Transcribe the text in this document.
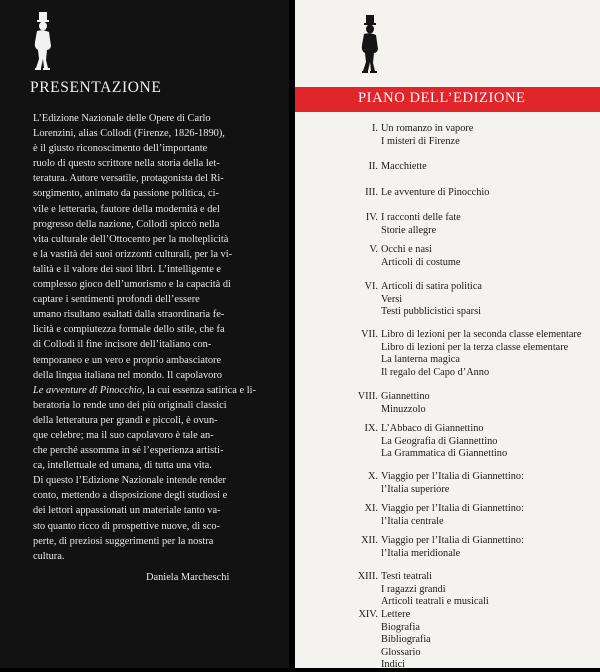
PRESENTAZIONE
L’Edizione Nazionale delle Opere di Carlo
Lorenzini, alias Collodi (Firenze, 1826-1890),
è il giusto riconoscimento dell’importante
ruolo di questo scrittore nella storia della let-
teratura. Autore versatile, protagonista del Ri-
sorgimento, animato da passione politica, ci-
vile e letteraria, fautore della modernità e del
progresso della nazione, Collodi spiccò nella
vita culturale dell’Ottocento per la molteplicità
e la vastità dei suoi orizzonti culturali, per la vi-
talità e il valore dei suoi libri. L’intelligente e
complesso gioco dell’umorismo e la capacità di
captare i sentimenti profondi dell’essere
umano risultano esaltati dalla straordinaria fe-
licità e compiutezza formale dello stile, che fa
di Collodi il fine incisore dell’italiano con-
temporaneo e un vero e proprio ambasciatore
della lingua italiana nel mondo. Il capolavoro
Le avventure di Pinocchio, la cui essenza satirica e li-
beratoria lo rende uno dei più originali classici
della letteratura per grandi e piccoli, è ovun-
que celebre; ma il suo capolavoro è tale an-
che perché assomma in sé l’esperienza artisti-
ca, intellettuale ed umana, di tutta una vita.
Di questo l’Edizione Nazionale intende render
conto, mettendo a disposizione degli studiosi e
dei lettori appassionati un materiale tanto va-
sto quanto ricco di prospettive nuove, di sco-
perte, di preziosi suggerimenti per la nostra
cultura.
Daniela Marcheschi
PIANO DELL’EDIZIONE
I. Un romanzo in vapore
I misteri di Firenze
II. Macchiette
III. Le avventure di Pinocchio
IV. I racconti delle fate
Storie allegre
V. Occhi e nasi
Articoli di costume
VI. Articoli di satira politica
Versi
Testi pubblicistici sparsi
VII. Libro di lezioni per la seconda classe elementare
Libro di lezioni per la terza classe elementare
La lanterna magica
Il regalo del Capo d’Anno
VIII. Giannettino
Minuzzolo
IX. L’Abbaco di Giannettino
La Geografia di Giannettino
La Grammatica di Giannettino
X. Viaggio per l’Italia di Giannettino:
l’Italia superiore
XI. Viaggio per l’Italia di Giannettino:
l’Italia centrale
XII. Viaggio per l’Italia di Giannettino:
l’Italia meridionale
XIII. Testi teatrali
I ragazzi grandi
Articoli teatrali e musicali
XIV. Lettere
Biografia
Bibliografia
Glossario
Indici
